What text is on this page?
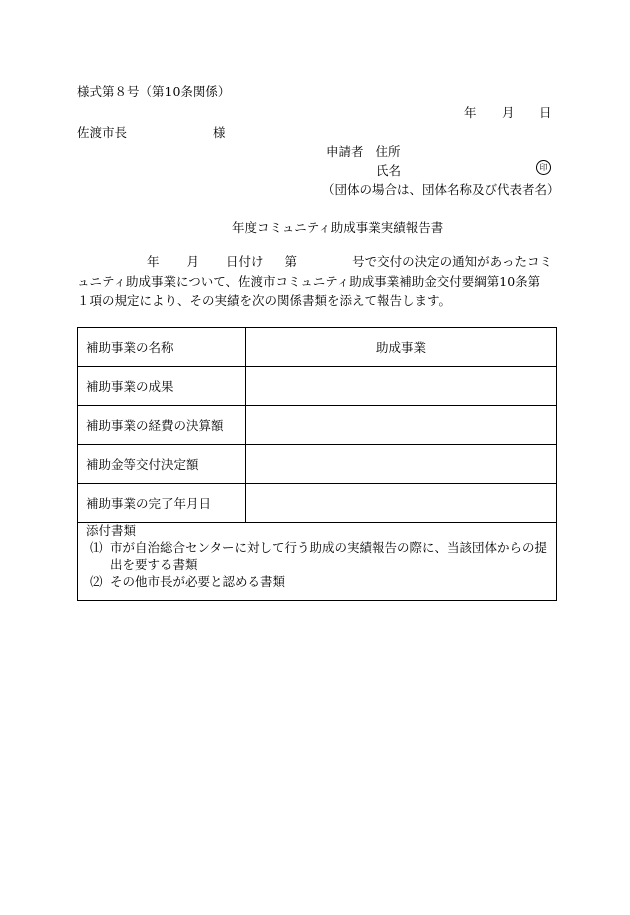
様式第８号（第10条関係）
年 月 日
佐渡市長	様
申請者 住所
氏名	印
（団体の場合は、団体名称及び代表者名）
年度コミュニティ助成事業実績報告書
年 月 日付け 第	号で交付の決定の通知があったコミュニティ助成事業について、佐渡市コミュニティ助成事業補助金交付要綱第10条第１項の規定により、その実績を次の関係書類を添えて報告します。
補助事業の名称	助成事業
補助事業の成果	
補助事業の経費の決算額	
補助金等交付決定額	
補助事業の完了年月日	
添付書類
⑴ 市が自治総合センターに対して行う助成の実績報告の際に、当該団体からの提出を要する書類
⑵ その他市長が必要と認める書類
